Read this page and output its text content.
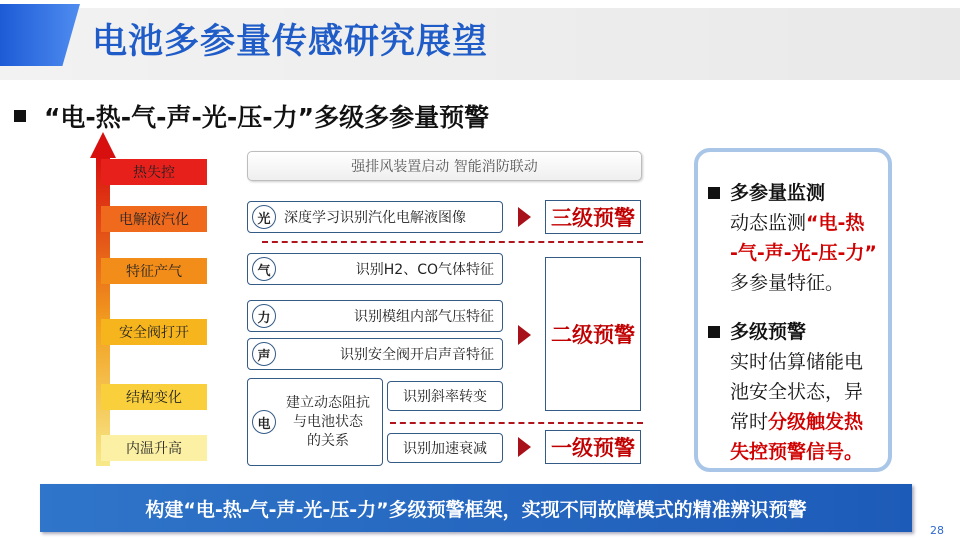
电池多参量传感研究展望
“电-热-气-声-光-压-力”多级多参量预警
热失控
电解液汽化
特征产气
安全阀打开
结构变化
内温升高
强排风装置启动 智能消防联动
光 深度学习识别汽化电解液图像	三级预警
气	识别H2、CO气体特征
力	识别模组内部气压特征
声	识别安全阀开启声音特征
二级预警
电
建立动态阻抗
与电池状态
的关系
识别斜率转变
识别加速衰减	一级预警
多参量监测
动态监测“电-热
-气-声-光-压-力”
多参量特征。
多级预警
实时估算储能电
池安全状态，异
常时分级触发热
失控预警信号。
构建“电-热-气-声-光-压-力”多级预警框架，实现不同故障模式的精准辨识预警
28
